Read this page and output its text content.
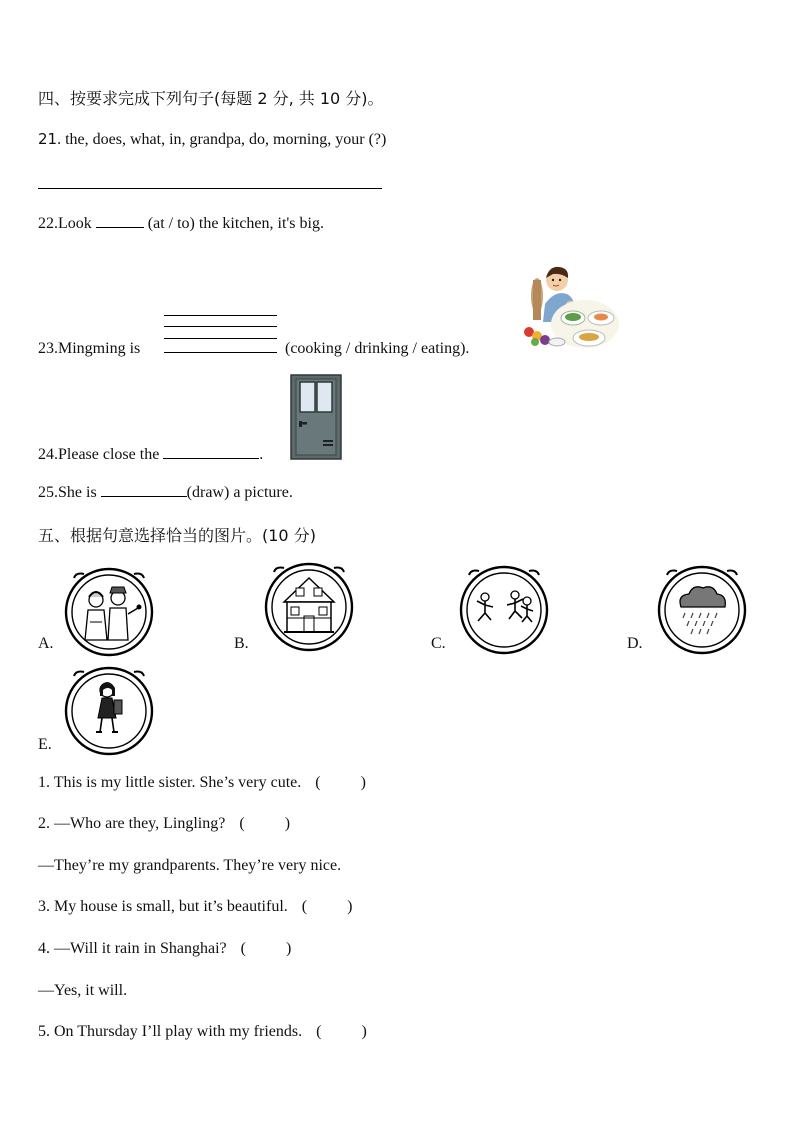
四、按要求完成下列句子(每题 2 分, 共 10 分)。
21. the, does, what, in, grandpa, do, morning, your (?)
22.Look	(at / to) the kitchen, it's big.
23.Mingming is	(cooking / drinking / eating).
24.Please close the	.
25.She is	(draw) a picture.
五、根据句意选择恰当的图片。(10 分)
A.	B.	C.	D.
E.
1. This is my little sister. She’s very cute. (          )
2. —Who are they, Lingling? (          )
—They’re my grandparents. They’re very nice.
3. My house is small, but it’s beautiful. (          )
4. —Will it rain in Shanghai? (          )
—Yes, it will.
5. On Thursday I’ll play with my friends. (          )
